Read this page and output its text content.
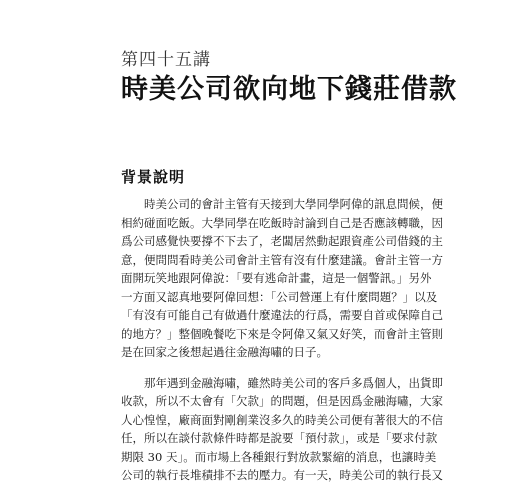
第四十五講
時美公司欲向地下錢莊借款
背景說明
時美公司的會計主管有天接到大學同學阿偉的訊息問候，便
相約碰面吃飯。大學同學在吃飯時討論到自己是否應該轉職，因
爲公司感覺快要撐不下去了，老闆居然動起跟資產公司借錢的主
意，便問問看時美公司會計主管有沒有什麼建議。會計主管一方
面開玩笑地跟阿偉說：「要有逃命計畫，這是一個警訊。」另外
一方面又認真地要阿偉回想：「公司營運上有什麼問題？」以及
「有沒有可能自己有做過什麼違法的行爲，需要自首或保障自己
的地方？」整個晚餐吃下來是令阿偉又氣又好笑，而會計主管則
是在回家之後想起過往金融海嘯的日子。
那年遇到金融海嘯，雖然時美公司的客戶多爲個人，出貨即
收款，所以不太會有「欠款」的問題，但是因爲金融海嘯，大家
人心惶惶，廠商面對剛創業沒多久的時美公司便有著很大的不信
任，所以在談付款條件時都是說要「預付款」，或是「要求付款
期限 30 天」。而市場上各種銀行對放款緊縮的消息，也讓時美
公司的執行長堆積排不去的壓力。有一天，時美公司的執行長又
